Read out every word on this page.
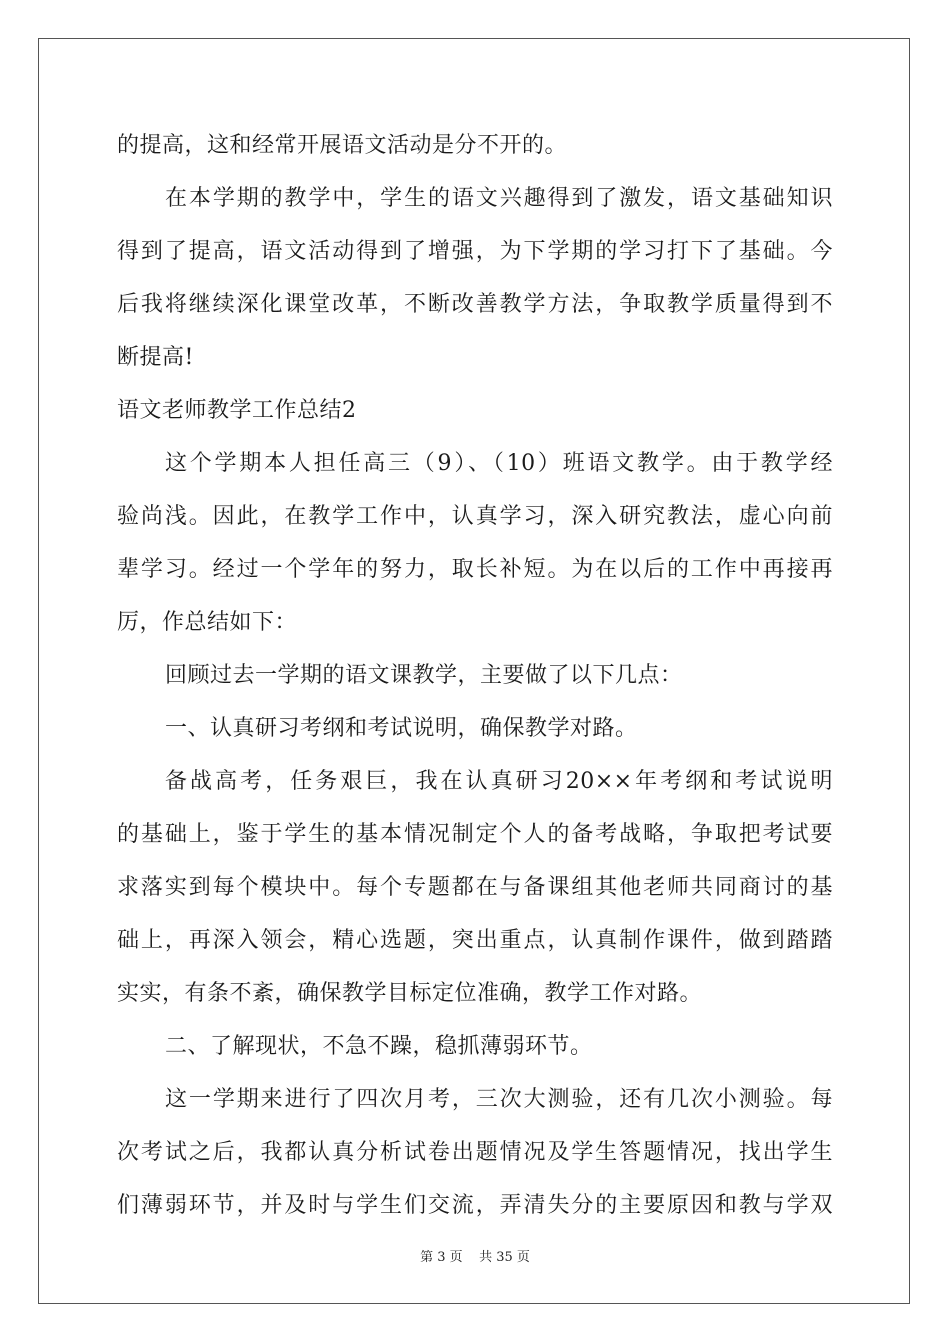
的提高，这和经常开展语文活动是分不开的。
在本学期的教学中，学生的语文兴趣得到了激发，语文基础知识
得到了提高，语文活动得到了增强，为下学期的学习打下了基础。今
后我将继续深化课堂改革，不断改善教学方法，争取教学质量得到不
断提高!
语文老师教学工作总结2
这个学期本人担任高三（9）、（10）班语文教学。由于教学经
验尚浅。因此，在教学工作中，认真学习，深入研究教法，虚心向前
辈学习。经过一个学年的努力，取长补短。为在以后的工作中再接再
厉，作总结如下：
回顾过去一学期的语文课教学，主要做了以下几点：
一、认真研习考纲和考试说明，确保教学对路。
备战高考，任务艰巨，我在认真研习20××年考纲和考试说明
的基础上，鉴于学生的基本情况制定个人的备考战略，争取把考试要
求落实到每个模块中。每个专题都在与备课组其他老师共同商讨的基
础上，再深入领会，精心选题，突出重点，认真制作课件，做到踏踏
实实，有条不紊，确保教学目标定位准确，教学工作对路。
二、了解现状，不急不躁，稳抓薄弱环节。
这一学期来进行了四次月考，三次大测验，还有几次小测验。每
次考试之后，我都认真分析试卷出题情况及学生答题情况，找出学生
们薄弱环节，并及时与学生们交流，弄清失分的主要原因和教与学双
第 3 页    共 35 页
